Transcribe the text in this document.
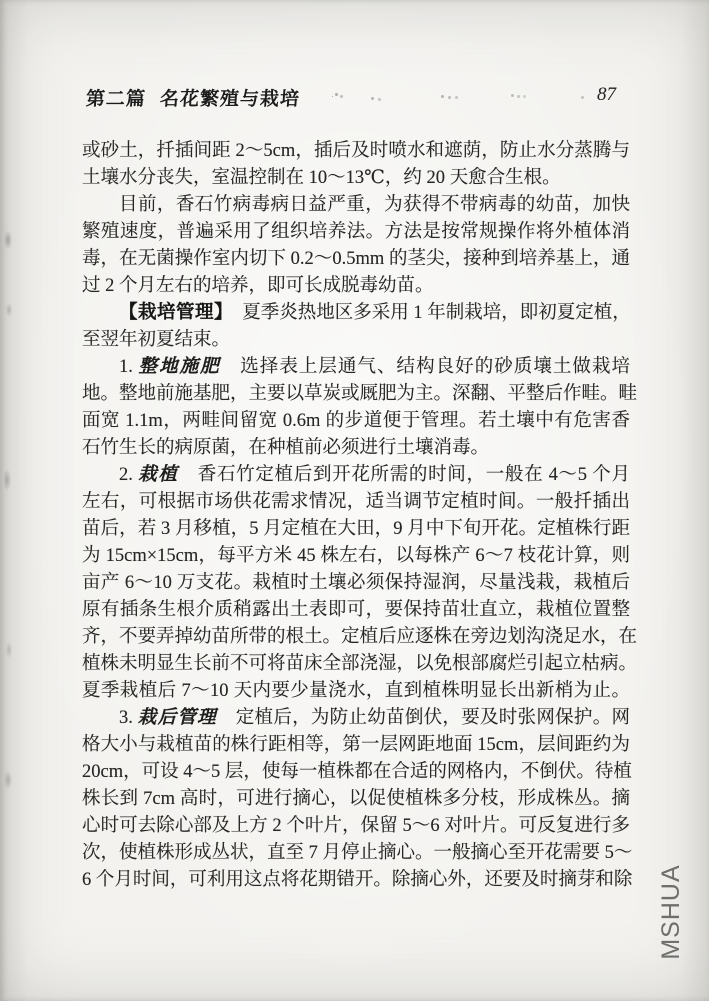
第二篇 名花繁殖与栽培	87
或砂土，扦插间距 2～5cm，插后及时喷水和遮荫，防止水分蒸腾与
土壤水分丧失，室温控制在 10～13℃，约 20 天愈合生根。
目前，香石竹病毒病日益严重，为获得不带病毒的幼苗，加快
繁殖速度，普遍采用了组织培养法。方法是按常规操作将外植体消
毒，在无菌操作室内切下 0.2～0.5mm 的茎尖，接种到培养基上，通
过 2 个月左右的培养，即可长成脱毒幼苗。
【栽培管理】　夏季炎热地区多采用 1 年制栽培，即初夏定植，
至翌年初夏结束。
1. 整地施肥　选择表上层通气、结构良好的砂质壤土做栽培
地。整地前施基肥，主要以草炭或厩肥为主。深翻、平整后作畦。畦
面宽 1.1m，两畦间留宽 0.6m 的步道便于管理。若土壤中有危害香
石竹生长的病原菌，在种植前必须进行土壤消毒。
2. 栽植　香石竹定植后到开花所需的时间，一般在 4～5 个月
左右，可根据市场供花需求情况，适当调节定植时间。一般扦插出
苗后，若 3 月移植，5 月定植在大田，9 月中下旬开花。定植株行距
为 15cm×15cm，每平方米 45 株左右，以每株产 6～7 枝花计算，则
亩产 6～10 万支花。栽植时土壤必须保持湿润，尽量浅栽，栽植后
原有插条生根介质稍露出土表即可，要保持苗壮直立，栽植位置整
齐，不要弄掉幼苗所带的根土。定植后应逐株在旁边划沟浇足水，在
植株未明显生长前不可将苗床全部浇湿，以免根部腐烂引起立枯病。
夏季栽植后 7～10 天内要少量浇水，直到植株明显长出新梢为止。
3. 栽后管理　定植后，为防止幼苗倒伏，要及时张网保护。网
格大小与栽植苗的株行距相等，第一层网距地面 15cm，层间距约为
20cm，可设 4～5 层，使每一植株都在合适的网格内，不倒伏。待植
株长到 7cm 高时，可进行摘心，以促使植株多分枝，形成株丛。摘
心时可去除心部及上方 2 个叶片，保留 5～6 对叶片。可反复进行多
次，使植株形成丛状，直至 7 月停止摘心。一般摘心至开花需要 5～
6 个月时间，可利用这点将花期错开。除摘心外，还要及时摘芽和除 MSHUA
